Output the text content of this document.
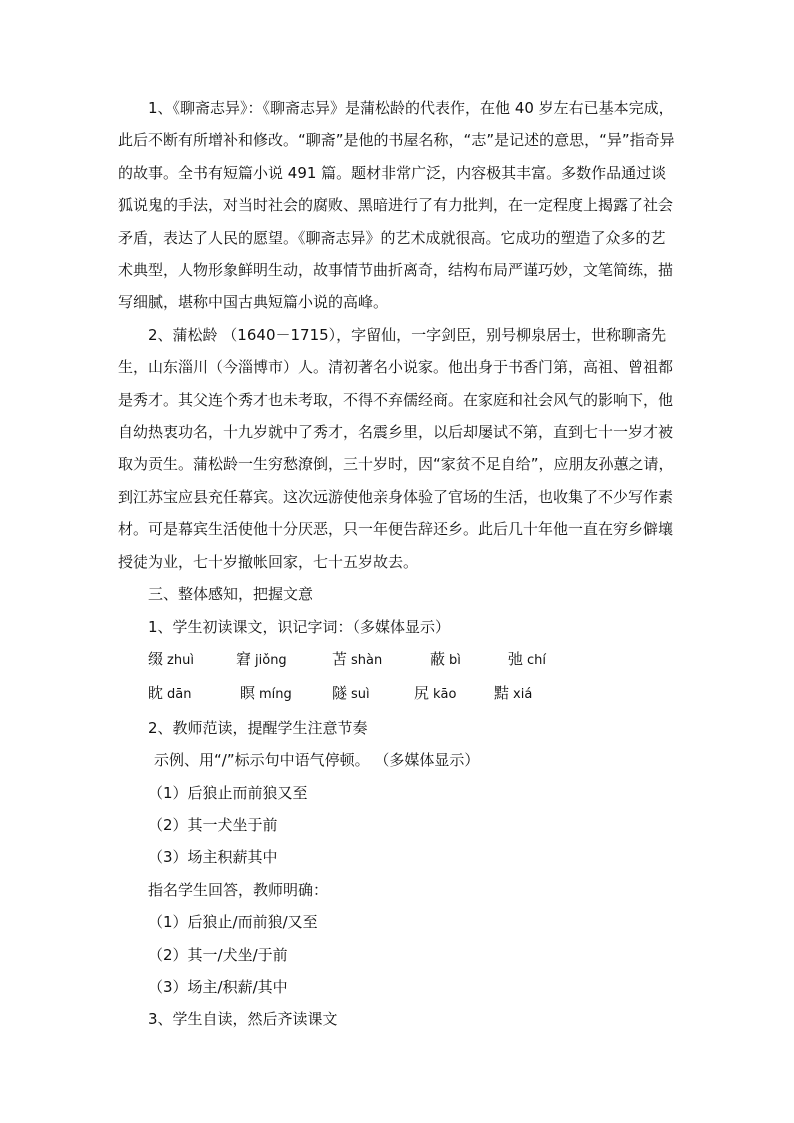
1、《聊斋志异》：《聊斋志异》是蒲松龄的代表作，在他 40 岁左右已基本完成，此后不断有所增补和修改。“聊斋”是他的书屋名称，“志”是记述的意思，“异”指奇异的故事。全书有短篇小说 491 篇。题材非常广泛，内容极其丰富。多数作品通过谈狐说鬼的手法，对当时社会的腐败、黑暗进行了有力批判，在一定程度上揭露了社会矛盾，表达了人民的愿望。《聊斋志异》的艺术成就很高。它成功的塑造了众多的艺术典型，人物形象鲜明生动，故事情节曲折离奇，结构布局严谨巧妙，文笔简练，描写细腻，堪称中国古典短篇小说的高峰。

2、蒲松龄 （1640－1715），字留仙，一字剑臣，别号柳泉居士，世称聊斋先生，山东淄川（今淄博市）人。清初著名小说家。他出身于书香门第，高祖、曾祖都是秀才。其父连个秀才也未考取，不得不弃儒经商。在家庭和社会风气的影响下，他自幼热衷功名，十九岁就中了秀才，名震乡里，以后却屡试不第，直到七十一岁才被取为贡生。蒲松龄一生穷愁潦倒，三十岁时，因“家贫不足自给”，应朋友孙蕙之请，到江苏宝应县充任幕宾。这次远游使他亲身体验了官场的生活，也收集了不少写作素材。可是幕宾生活使他十分厌恶，只一年便告辞还乡。此后几十年他一直在穷乡僻壤授徒为业，七十岁撤帐回家，七十五岁故去。

三、整体感知，把握文意

1、学生初读课文，识记字词：（多媒体显示）

缀 zhuì	窘 jiǒng	苫 shàn	蔽 bì	弛 chí
眈 dān	瞑 míng	隧 suì	尻 kāo	黠 xiá

2、教师范读，提醒学生注意节奏

示例、用“/”标示句中语气停顿。 （多媒体显示）

（1）后狼止而前狼又至

（2）其一犬坐于前

（3）场主积薪其中

指名学生回答，教师明确：

（1）后狼止/而前狼/又至

（2）其一/犬坐/于前

（3）场主/积薪/其中

3、学生自读，然后齐读课文
